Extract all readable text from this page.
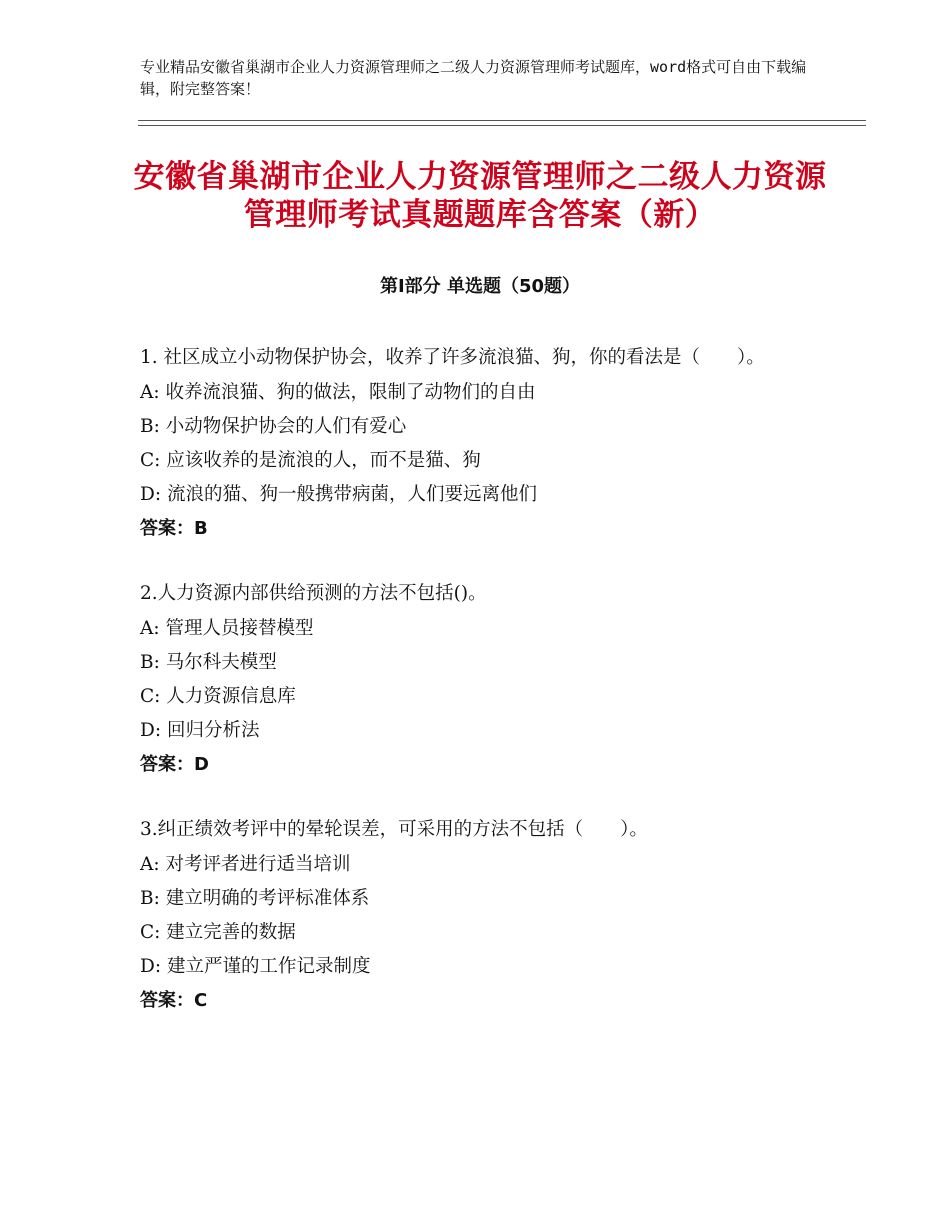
专业精品安徽省巢湖市企业人力资源管理师之二级人力资源管理师考试题库，word格式可自由下载编辑，附完整答案！
安徽省巢湖市企业人力资源管理师之二级人力资源管理师考试真题题库含答案（新）
第Ⅰ部分 单选题（50题）
1. 社区成立小动物保护协会，收养了许多流浪猫、狗，你的看法是（　　）。
A: 收养流浪猫、狗的做法，限制了动物们的自由
B: 小动物保护协会的人们有爱心
C: 应该收养的是流浪的人，而不是猫、狗
D: 流浪的猫、狗一般携带病菌，人们要远离他们
答案：B
2.人力资源内部供给预测的方法不包括()。
A: 管理人员接替模型
B: 马尔科夫模型
C: 人力资源信息库
D: 回归分析法
答案：D
3.纠正绩效考评中的晕轮误差，可采用的方法不包括（　　）。
A: 对考评者进行适当培训
B: 建立明确的考评标准体系
C: 建立完善的数据
D: 建立严谨的工作记录制度
答案：C
